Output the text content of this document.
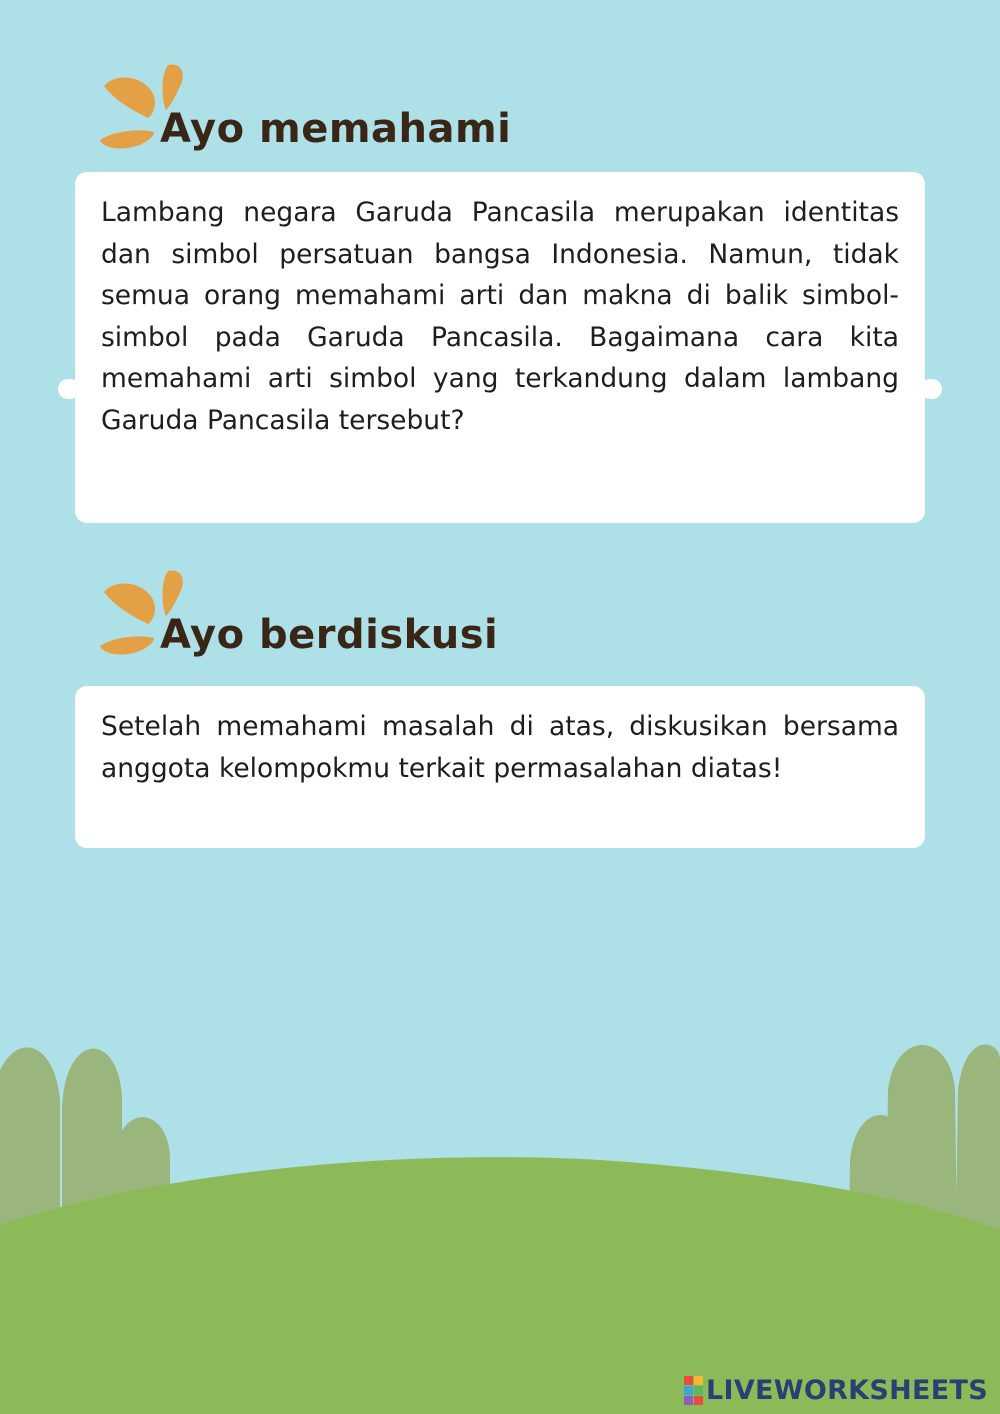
Ayo memahami

Lambang negara Garuda Pancasila merupakan identitas dan simbol persatuan bangsa Indonesia. Namun, tidak semua orang memahami arti dan makna di balik simbol-simbol pada Garuda Pancasila. Bagaimana cara kita memahami arti simbol yang terkandung dalam lambang Garuda Pancasila tersebut?

Ayo berdiskusi

Setelah memahami masalah di atas, diskusikan bersama anggota kelompokmu terkait permasalahan diatas!

LIVEWORKSHEETS
